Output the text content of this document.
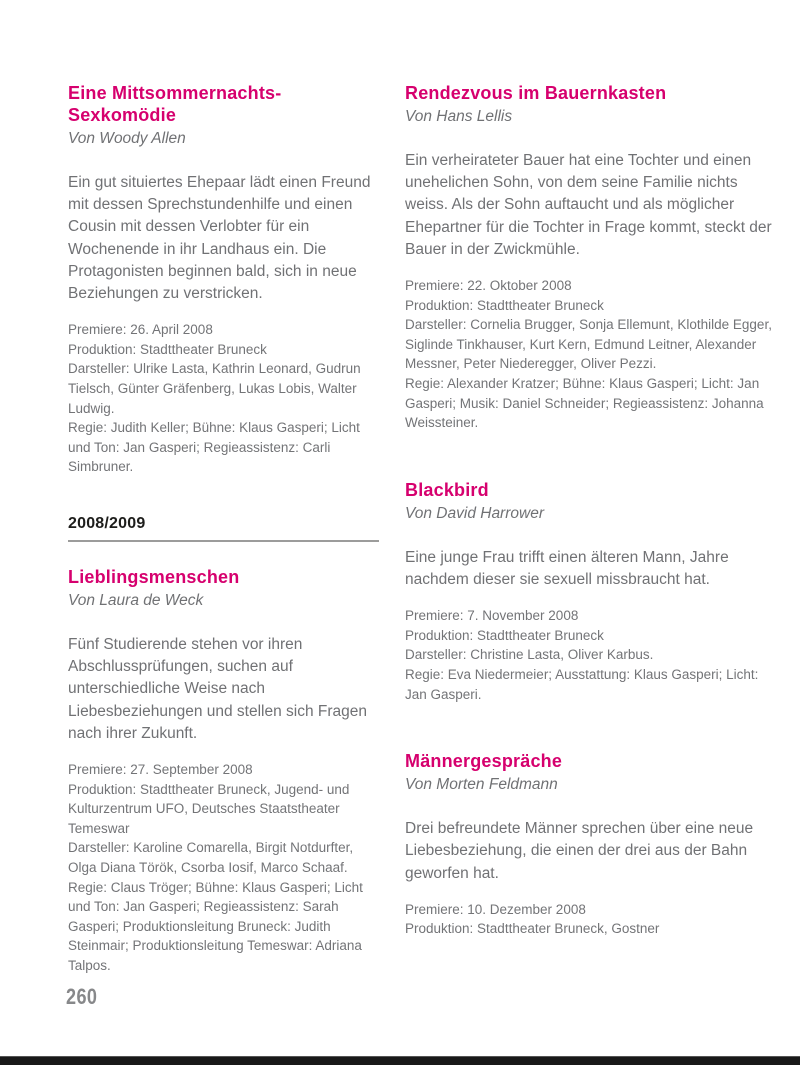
Eine Mittsommernachts-Sexkomödie

Von Woody Allen

Ein gut situiertes Ehepaar lädt einen Freund mit dessen Sprechstundenhilfe und einen Cousin mit dessen Verlobter für ein Wochenende in ihr Landhaus ein. Die Protagonisten beginnen bald, sich in neue Beziehungen zu verstricken.

Premiere: 26. April 2008

Produktion: Stadttheater Bruneck

Darsteller: Ulrike Lasta, Kathrin Leonard, Gudrun Tielsch, Günter Gräfenberg, Lukas Lobis, Walter Ludwig.

Regie: Judith Keller; Bühne: Klaus Gasperi; Licht und Ton: Jan Gasperi; Regieassistenz: Carli Simbruner.

2008/2009
Lieblingsmenschen

Von Laura de Weck

Fünf Studierende stehen vor ihren Abschlussprüfungen, suchen auf unterschiedliche Weise nach Liebesbeziehungen und stellen sich Fragen nach ihrer Zukunft.

Premiere: 27. September 2008

Produktion: Stadttheater Bruneck, Jugend- und Kulturzentrum UFO, Deutsches Staatstheater Temeswar

Darsteller: Karoline Comarella, Birgit Notdurfter, Olga Diana Török, Csorba Iosif, Marco Schaaf.

Regie: Claus Tröger; Bühne: Klaus Gasperi; Licht und Ton: Jan Gasperi; Regieassistenz: Sarah Gasperi; Produktionsleitung Bruneck: Judith Steinmair; Produktionsleitung Temeswar: Adriana Talpos.

Rendezvous im Bauernkasten

Von Hans Lellis

Ein verheirateter Bauer hat eine Tochter und einen unehelichen Sohn, von dem seine Familie nichts weiss. Als der Sohn auftaucht und als möglicher Ehepartner für die Tochter in Frage kommt, steckt der Bauer in der Zwickmühle.

Premiere: 22. Oktober 2008

Produktion: Stadttheater Bruneck

Darsteller: Cornelia Brugger, Sonja Ellemunt, Klothilde Egger, Siglinde Tinkhauser, Kurt Kern, Edmund Leitner, Alexander Messner, Peter Niederegger, Oliver Pezzi.

Regie: Alexander Kratzer; Bühne: Klaus Gasperi; Licht: Jan Gasperi; Musik: Daniel Schneider; Regieassistenz: Johanna Weissteiner.

Blackbird

Von David Harrower

Eine junge Frau trifft einen älteren Mann, Jahre nachdem dieser sie sexuell missbraucht hat.

Premiere: 7. November 2008

Produktion: Stadttheater Bruneck

Darsteller: Christine Lasta, Oliver Karbus.

Regie: Eva Niedermeier; Ausstattung: Klaus Gasperi; Licht: Jan Gasperi.

Männergespräche

Von Morten Feldmann

Drei befreundete Männer sprechen über eine neue Liebesbeziehung, die einen der drei aus der Bahn geworfen hat.

Premiere: 10. Dezember 2008

Produktion: Stadttheater Bruneck, Gostner

260
